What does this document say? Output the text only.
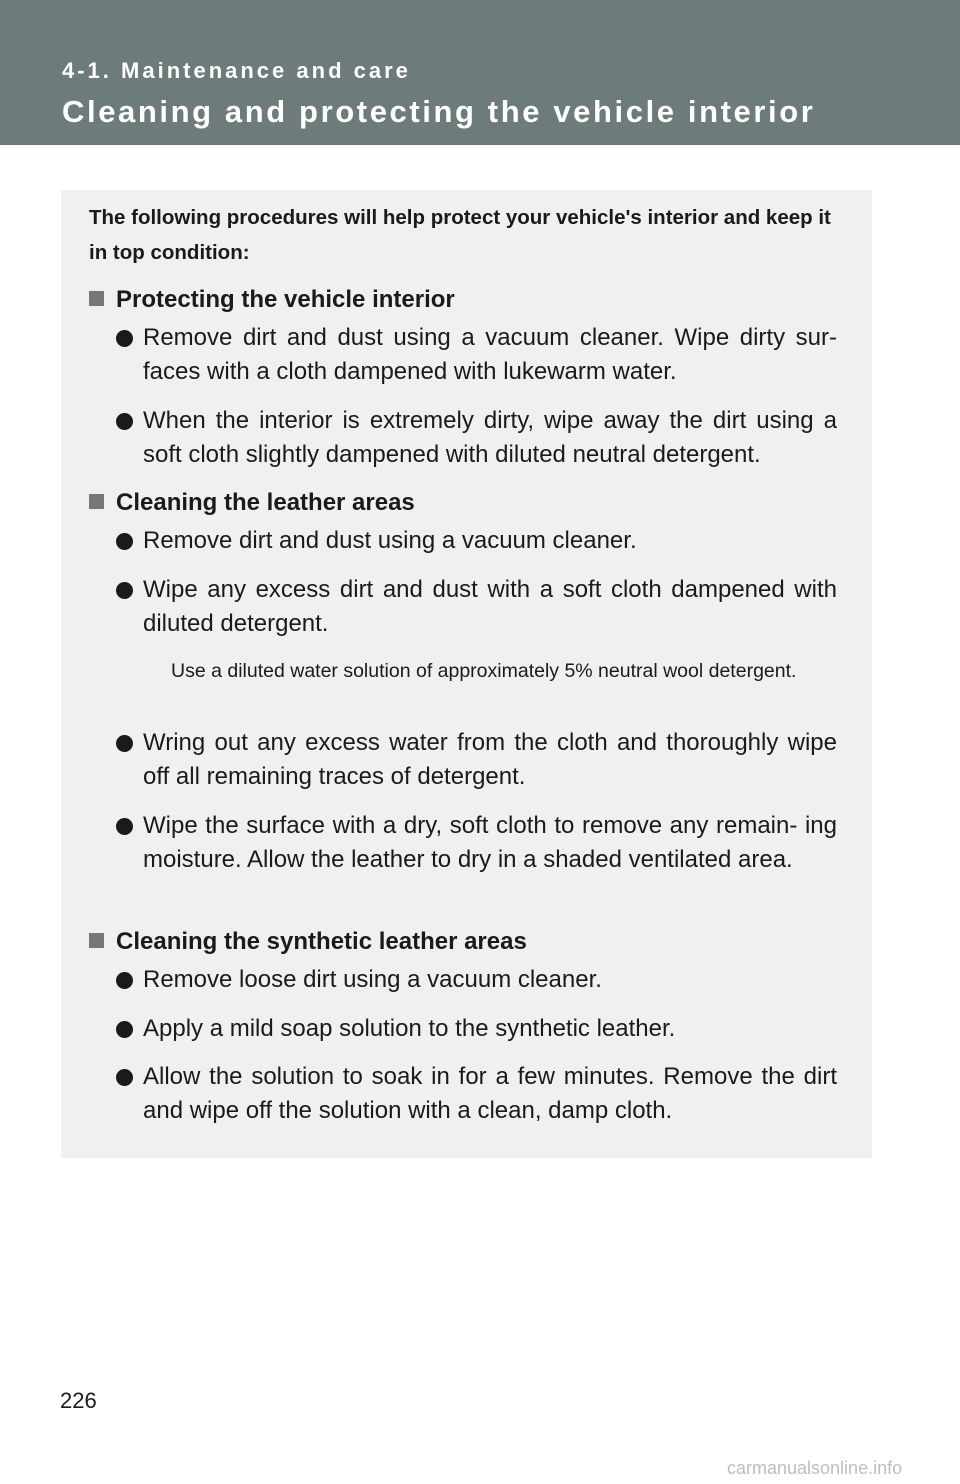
4-1. Maintenance and care
Cleaning and protecting the vehicle interior
The following procedures will help protect your vehicle's interior and keep it in top condition:
Protecting the vehicle interior
Remove dirt and dust using a vacuum cleaner. Wipe dirty sur- faces with a cloth dampened with lukewarm water.
When the interior is extremely dirty, wipe away the dirt using a soft cloth slightly dampened with diluted neutral detergent.
Cleaning the leather areas
Remove dirt and dust using a vacuum cleaner.
Wipe any excess dirt and dust with a soft cloth dampened with diluted detergent.
Use a diluted water solution of approximately 5% neutral wool detergent.
Wring out any excess water from the cloth and thoroughly wipe off all remaining traces of detergent.
Wipe the surface with a dry, soft cloth to remove any remain- ing moisture. Allow the leather to dry in a shaded ventilated area.
Cleaning the synthetic leather areas
Remove loose dirt using a vacuum cleaner.
Apply a mild soap solution to the synthetic leather.
Allow the solution to soak in for a few minutes. Remove the dirt and wipe off the solution with a clean, damp cloth.
226
carmanualsonline.info
